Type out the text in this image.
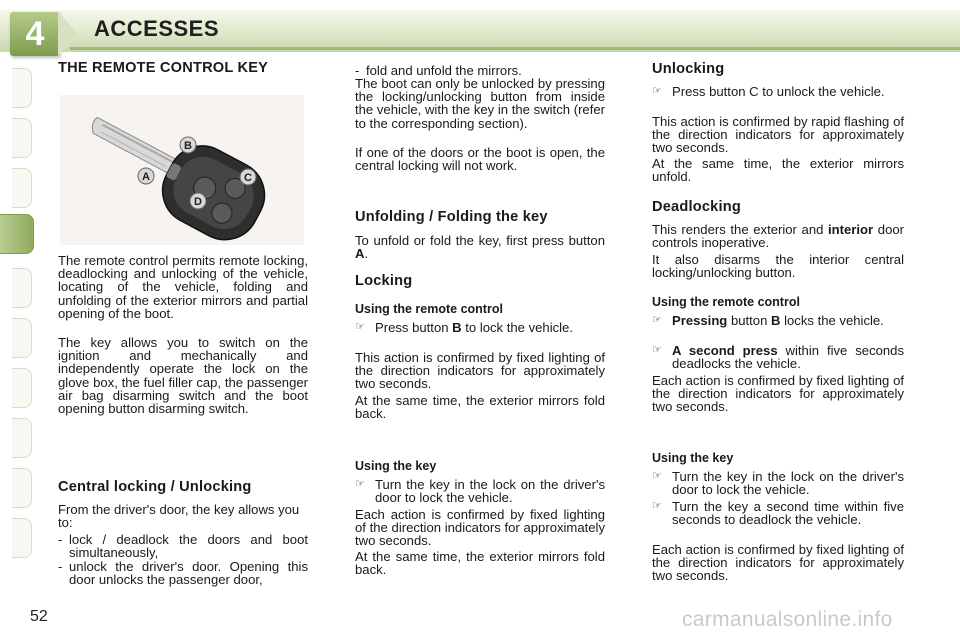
4	ACCESSES
B
C
A
D
THE REMOTE CONTROL KEY
The remote control permits remote locking, deadlocking and unlocking of the vehicle, locating of the vehicle, folding and unfolding of the exterior mirrors and partial opening of the boot.
The key allows you to switch on the ignition and mechanically and independently operate the lock on the glove box, the fuel filler cap, the passenger air bag disarming switch and the boot opening button disarming switch.
Central locking / Unlocking
From the driver's door, the key allows you to:
- lock / deadlock the doors and boot simultaneously,
- unlock the driver's door. Opening this door unlocks the passenger door,
- fold and unfold the mirrors.
The boot can only be unlocked by pressing the locking/unlocking button from inside the vehicle, with the key in the switch (refer to the corresponding section).
If one of the doors or the boot is open, the central locking will not work.
Unfolding / Folding the key
To unfold or fold the key, first press button A.
Locking
Using the remote control
☞ Press button B to lock the vehicle.
This action is confirmed by fixed lighting of the direction indicators for approximately two seconds.
At the same time, the exterior mirrors fold back.
Using the key
☞ Turn the key in the lock on the driver's door to lock the vehicle.
Each action is confirmed by fixed lighting of the direction indicators for approximately two seconds.
At the same time, the exterior mirrors fold back.
Unlocking
☞ Press button C to unlock the vehicle.
This action is confirmed by rapid flashing of the direction indicators for approximately two seconds.
At the same time, the exterior mirrors unfold.
Deadlocking
This renders the exterior and interior door controls inoperative.
It also disarms the interior central locking/unlocking button.
Using the remote control
☞ Pressing button B locks the vehicle.
☞ A second press within five seconds deadlocks the vehicle.
Each action is confirmed by fixed lighting of the direction indicators for approximately two seconds.
Using the key
☞ Turn the key in the lock on the driver's door to lock the vehicle.
☞ Turn the key a second time within five seconds to deadlock the vehicle.
Each action is confirmed by fixed lighting of the direction indicators for approximately two seconds.
52	carmanualsonline.info
